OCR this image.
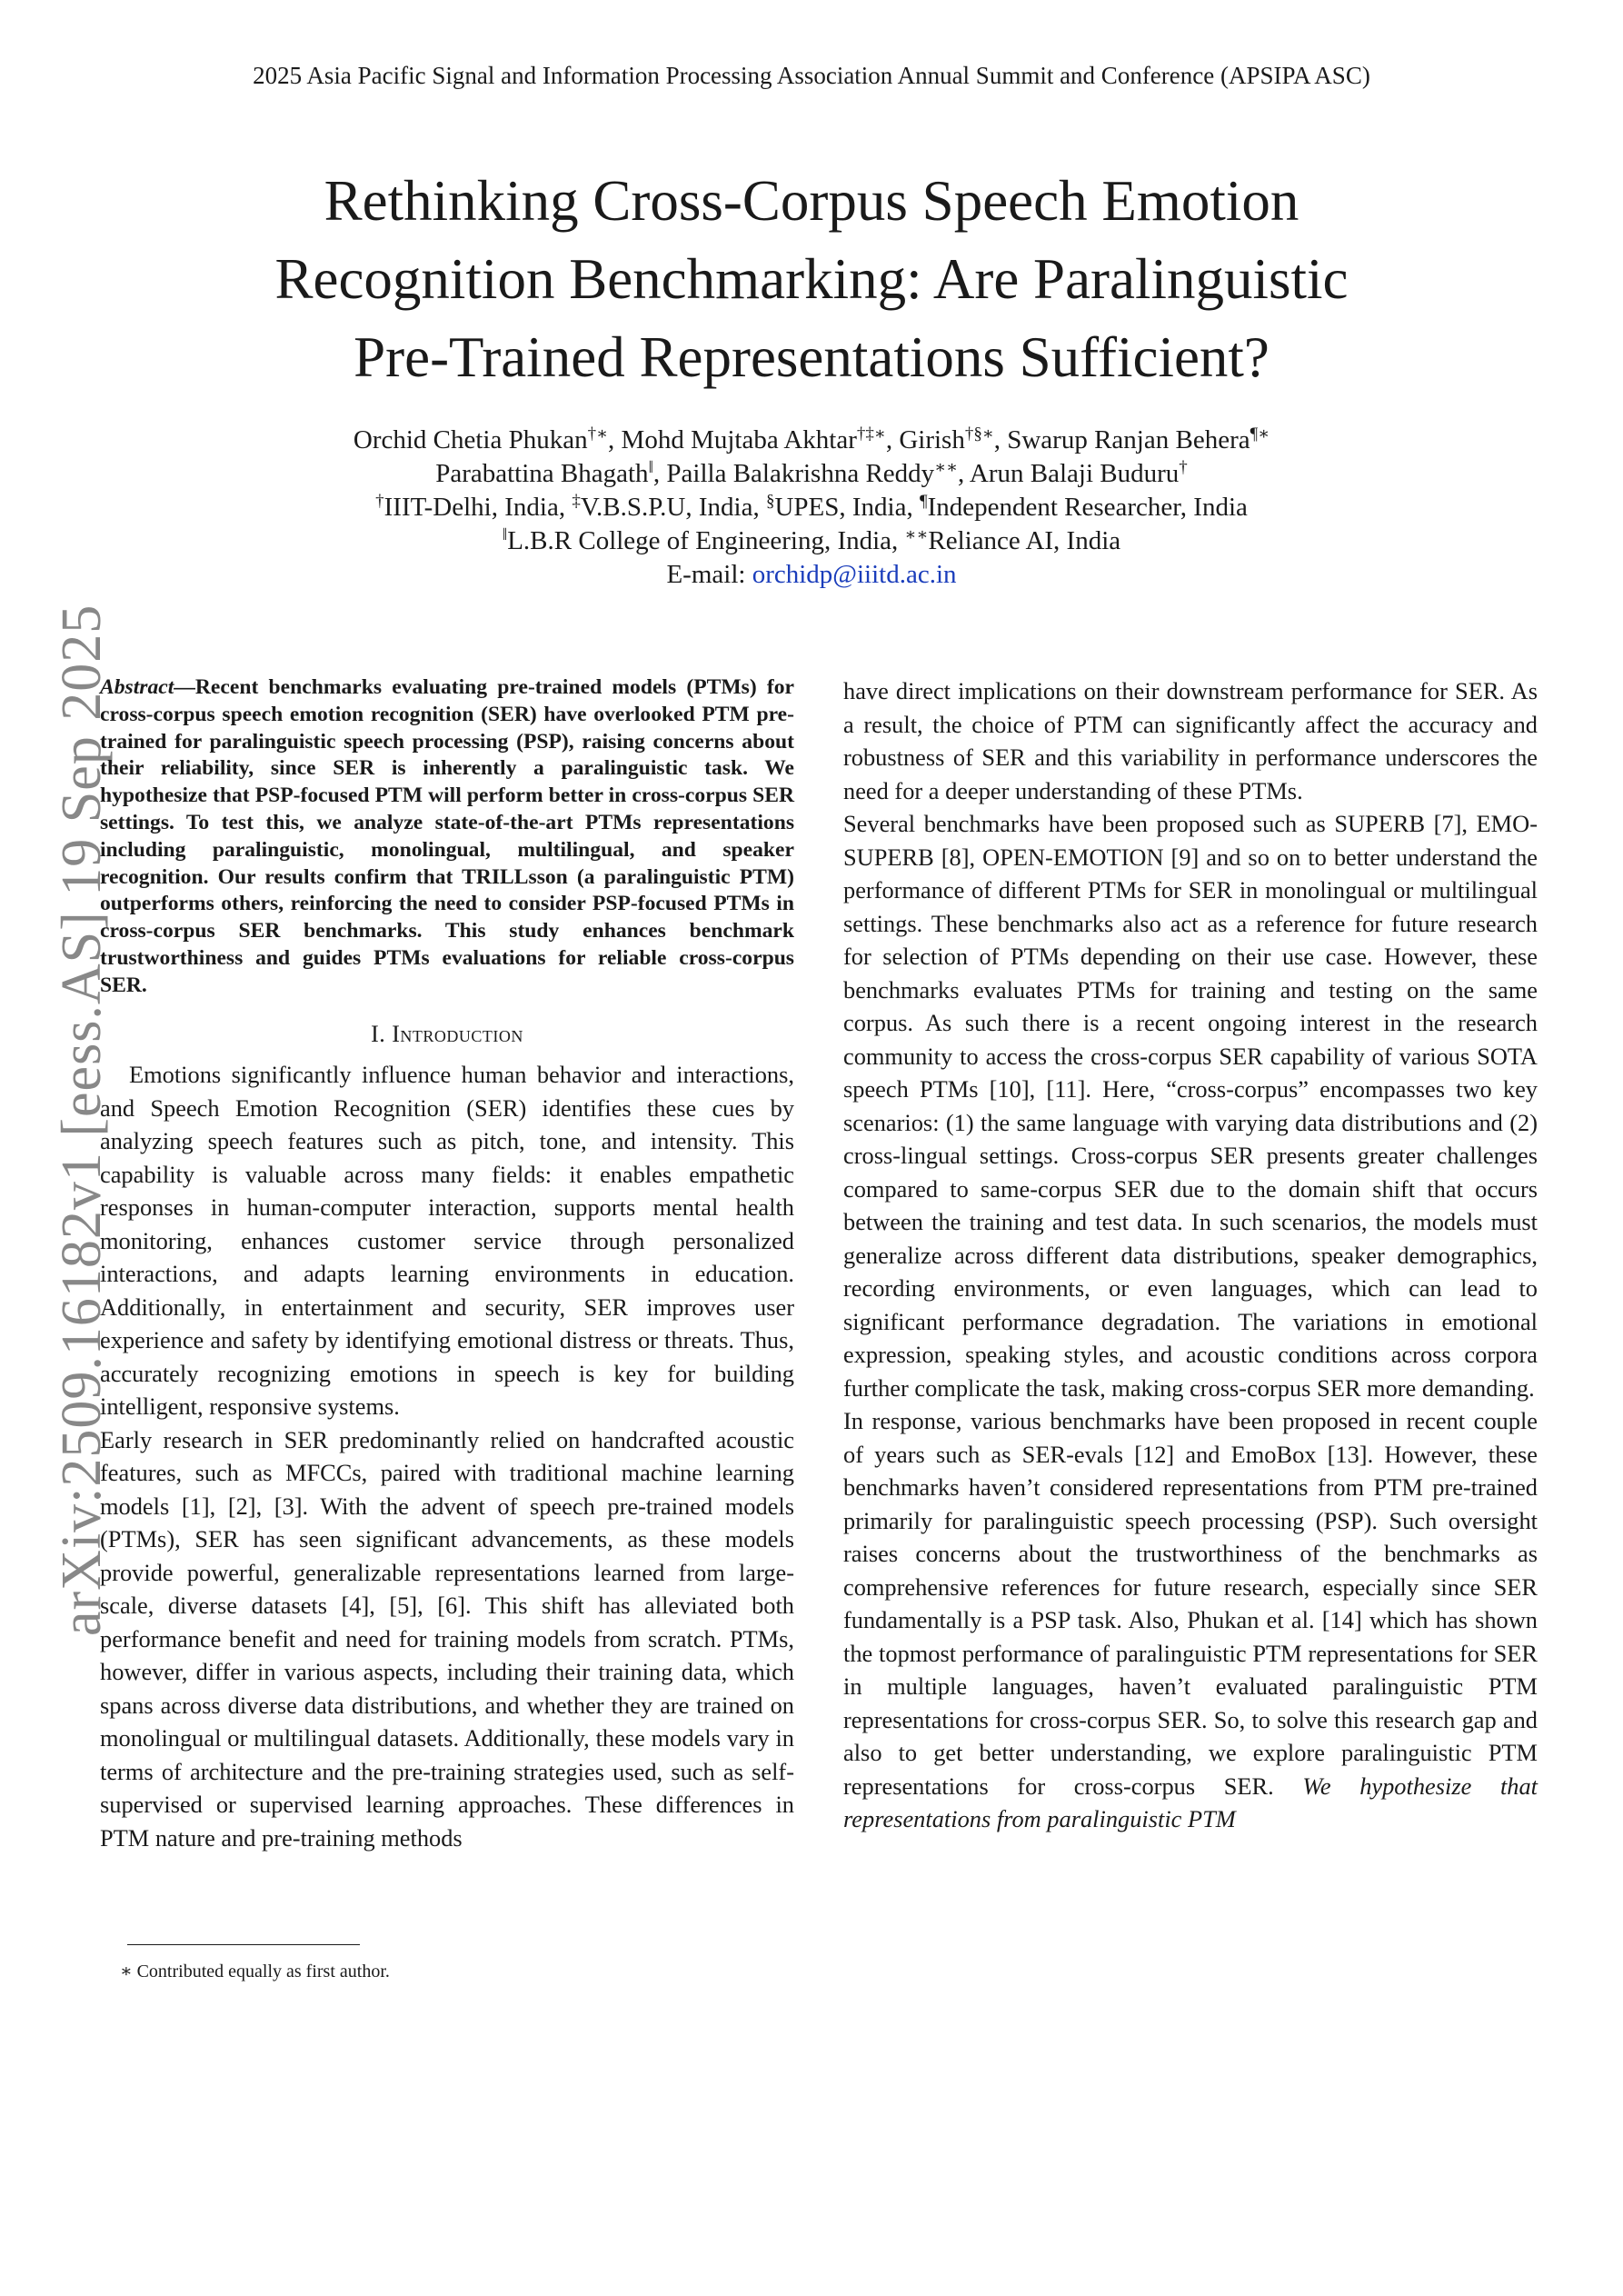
2025 Asia Pacific Signal and Information Processing Association Annual Summit and Conference (APSIPA ASC)
Rethinking Cross-Corpus Speech Emotion
Recognition Benchmarking: Are Paralinguistic
Pre-Trained Representations Sufficient?
Orchid Chetia Phukan†∗, Mohd Mujtaba Akhtar†‡∗, Girish†§∗, Swarup Ranjan Behera¶∗
Parabattina Bhagath‖, Pailla Balakrishna Reddy∗∗, Arun Balaji Buduru†
†IIIT-Delhi, India, ‡V.B.S.P.U, India, §UPES, India, ¶Independent Researcher, India
‖L.B.R College of Engineering, India, ∗∗Reliance AI, India
E-mail: orchidp@iiitd.ac.in
arXiv:2509.16182v1 [eess.AS] 19 Sep 2025

Abstract—Recent benchmarks evaluating pre-trained models (PTMs) for cross-corpus speech emotion recognition (SER) have overlooked PTM pre-trained for paralinguistic speech processing (PSP), raising concerns about their reliability, since SER is inherently a paralinguistic task. We hypothesize that PSP-focused PTM will perform better in cross-corpus SER settings. To test this, we analyze state-of-the-art PTMs representations including paralinguistic, monolingual, multilingual, and speaker recognition. Our results confirm that TRILLsson (a paralinguistic PTM) outperforms others, reinforcing the need to consider PSP-focused PTMs in cross-corpus SER benchmarks. This study enhances benchmark trustworthiness and guides PTMs evaluations for reliable cross-corpus SER.

I. Introduction

Emotions significantly influence human behavior and interactions, and Speech Emotion Recognition (SER) identifies these cues by analyzing speech features such as pitch, tone, and intensity. This capability is valuable across many fields: it enables empathetic responses in human-computer interaction, supports mental health monitoring, enhances customer service through personalized interactions, and adapts learning environments in education. Additionally, in entertainment and security, SER improves user experience and safety by identifying emotional distress or threats. Thus, accurately recognizing emotions in speech is key for building intelligent, responsive systems.

Early research in SER predominantly relied on handcrafted acoustic features, such as MFCCs, paired with traditional machine learning models [1], [2], [3]. With the advent of speech pre-trained models (PTMs), SER has seen significant advancements, as these models provide powerful, generalizable representations learned from large-scale, diverse datasets [4], [5], [6]. This shift has alleviated both performance benefit and need for training models from scratch. PTMs, however, differ in various aspects, including their training data, which spans across diverse data distributions, and whether they are trained on monolingual or multilingual datasets. Additionally, these models vary in terms of architecture and the pre-training strategies used, such as self-supervised or supervised learning approaches. These differences in PTM nature and pre-training methods

have direct implications on their downstream performance for SER. As a result, the choice of PTM can significantly affect the accuracy and robustness of SER and this variability in performance underscores the need for a deeper understanding of these PTMs.

Several benchmarks have been proposed such as SUPERB [7], EMO-SUPERB [8], OPEN-EMOTION [9] and so on to better understand the performance of different PTMs for SER in monolingual or multilingual settings. These benchmarks also act as a reference for future research for selection of PTMs depending on their use case. However, these benchmarks evaluates PTMs for training and testing on the same corpus. As such there is a recent ongoing interest in the research community to access the cross-corpus SER capability of various SOTA speech PTMs [10], [11]. Here, “cross-corpus” encompasses two key scenarios: (1) the same language with varying data distributions and (2) cross-lingual settings. Cross-corpus SER presents greater challenges compared to same-corpus SER due to the domain shift that occurs between the training and test data. In such scenarios, the models must generalize across different data distributions, speaker demographics, recording environments, or even languages, which can lead to significant performance degradation. The variations in emotional expression, speaking styles, and acoustic conditions across corpora further complicate the task, making cross-corpus SER more demanding.

In response, various benchmarks have been proposed in recent couple of years such as SER-evals [12] and EmoBox [13]. However, these benchmarks haven’t considered representations from PTM pre-trained primarily for paralinguistic speech processing (PSP). Such oversight raises concerns about the trustworthiness of the benchmarks as comprehensive references for future research, especially since SER fundamentally is a PSP task. Also, Phukan et al. [14] which has shown the topmost performance of paralinguistic PTM representations for SER in multiple languages, haven’t evaluated paralinguistic PTM representations for cross-corpus SER. So, to solve this research gap and also to get better understanding, we explore paralinguistic PTM representations for cross-corpus SER. We hypothesize that representations from paralinguistic PTM

∗ Contributed equally as first author.
